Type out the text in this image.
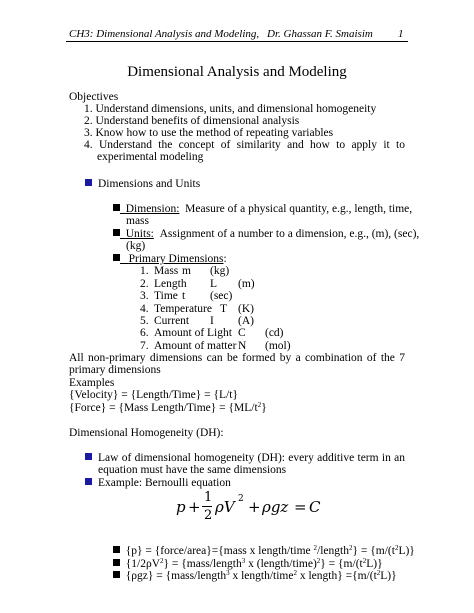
CH3: Dimensional Analysis and Modeling, Dr. Ghassan F. Smaisim 1
Dimensional Analysis and Modeling
Objectives
1. Understand dimensions, units, and dimensional homogeneity
2. Understand benefits of dimensional analysis
3. Know how to use the method of repeating variables
4. Understand the concept of similarity and how to apply it to
experimental modeling
Dimensions and Units
Dimension: Measure of a physical quantity, e.g., length, time,
mass
Units: Assignment of a number to a dimension, e.g., (m), (sec),
(kg)
Primary Dimensions:
1. Mass m (kg)
2. Length L (m)
3. Time t (sec)
4. Temperature T (K)
5. Current I (A)
6. Amount of Light C (cd)
7. Amount of matter N (mol)
All non-primary dimensions can be formed by a combination of the 7
primary dimensions
Examples
{Velocity} = {Length/Time} = {L/t}
{Force} = {Mass Length/Time} = $\{ML/t^2\}$
Dimensional Homogeneity (DH):
Law of dimensional homogeneity (DH): every additive term in an
equation must have the same dimensions
Example: Bernoulli equation
p +
1
2 ρV 2 + ρgz = C
{p} = {force/area}={mass x length/time $^2$/length$^2$} = $\{m/(t^2L)\}$
$\{1/2\rho V^2\}$ = {mass/length$^3$ x (length/time)$^2$} = $\{m/(t^2L)\}$
{ρgz} = {mass/length$^3$ x length/time$^2$ x length} $=\{m/(t^2L)\}$
